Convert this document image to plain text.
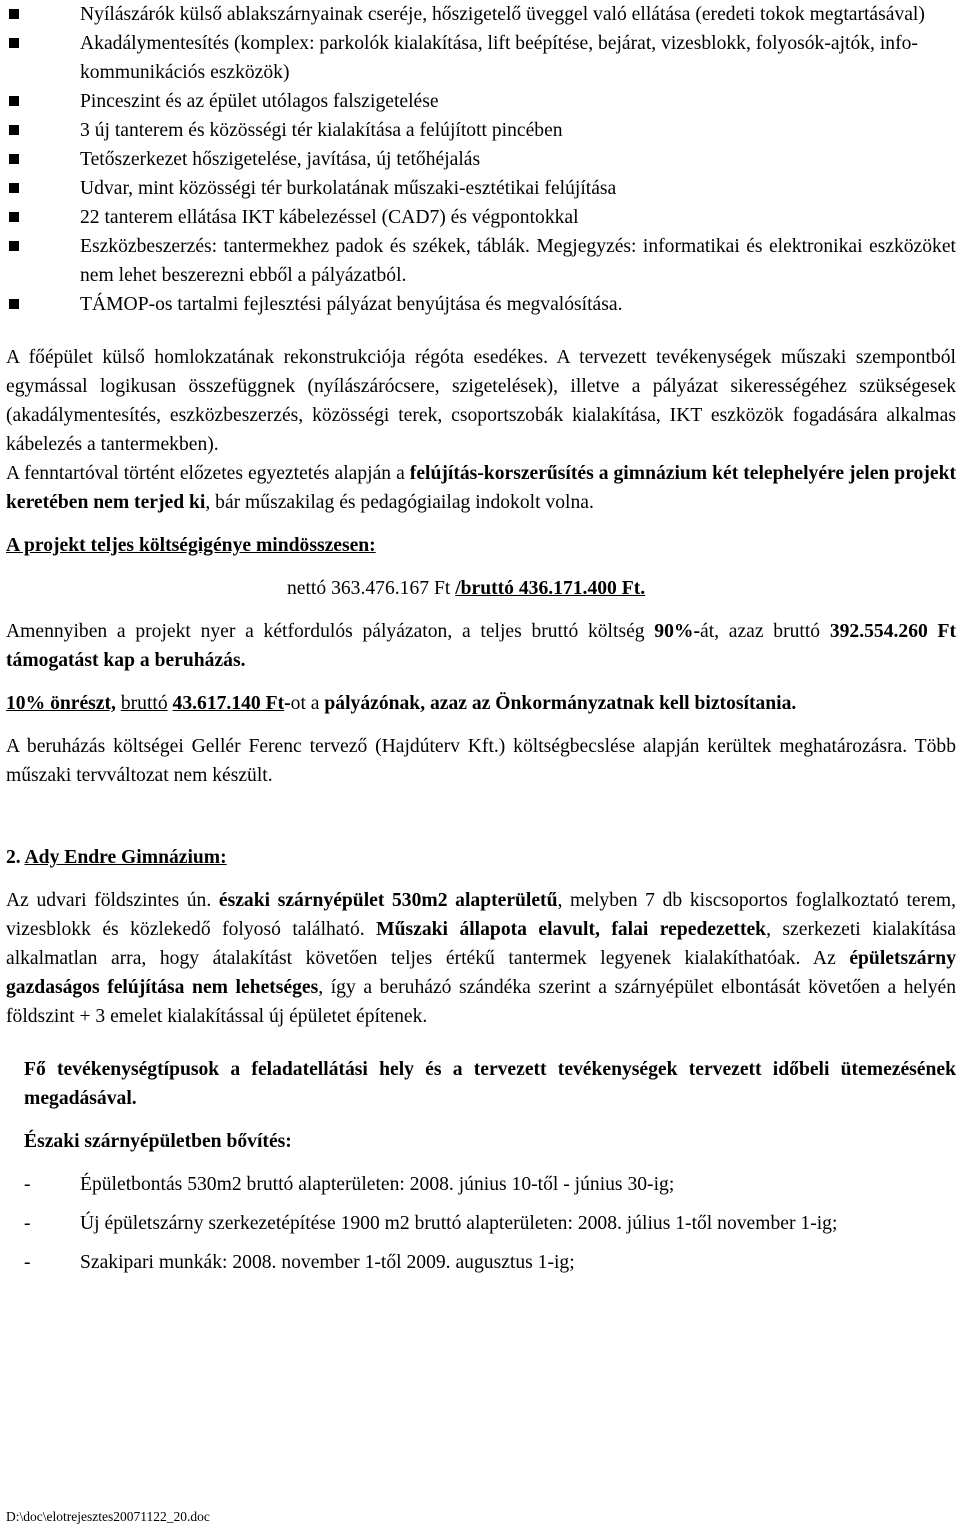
Nyílászárók külső ablakszárnyainak cseréje, hőszigetelő üveggel való ellátása (eredeti tokok megtartásával)
Akadálymentesítés (komplex: parkolók kialakítása, lift beépítése, bejárat, vizesblokk, folyosók-ajtók, info-kommunikációs eszközök)
Pinceszint és az épület utólagos falszigetelése
3 új tanterem és közösségi tér kialakítása a felújított pincében
Tetőszerkezet hőszigetelése, javítása, új tetőhéjalás
Udvar, mint közösségi tér burkolatának műszaki-esztétikai felújítása
22 tanterem ellátása IKT kábelezéssel (CAD7) és végpontokkal
Eszközbeszerzés: tantermekhez padok és székek, táblák. Megjegyzés: informatikai és elektronikai eszközöket nem lehet beszerezni ebből a pályázatból.
TÁMOP-os tartalmi fejlesztési pályázat benyújtása és megvalósítása.

A főépület külső homlokzatának rekonstrukciója régóta esedékes. A tervezett tevékenységek műszaki szempontból egymással logikusan összefüggnek (nyílászárócsere, szigetelések), illetve a pályázat sikerességéhez szükségesek (akadálymentesítés, eszközbeszerzés, közösségi terek, csoportszobák kialakítása, IKT eszközök fogadására alkalmas kábelezés a tantermekben).

A fenntartóval történt előzetes egyeztetés alapján a felújítás-korszerűsítés a gimnázium két telephelyére jelen projekt keretében nem terjed ki, bár műszakilag és pedagógiailag indokolt volna.

A projekt teljes költségigénye mindösszesen:

nettó 363.476.167 Ft /bruttó 436.171.400 Ft.

Amennyiben a projekt nyer a kétfordulós pályázaton, a teljes bruttó költség 90%-át, azaz bruttó 392.554.260 Ft támogatást kap a beruházás.

10% önrészt, bruttó 43.617.140 Ft-ot a pályázónak, azaz az Önkormányzatnak kell biztosítania.

A beruházás költségei Gellér Ferenc tervező (Hajdúterv Kft.) költségbecslése alapján kerültek meghatározásra. Több műszaki tervváltozat nem készült.

2. Ady Endre Gimnázium:

Az udvari földszintes ún. északi szárnyépület 530m2 alapterületű, melyben 7 db kiscsoportos foglalkoztató terem, vizesblokk és közlekedő folyosó található. Műszaki állapota elavult, falai repedezettek, szerkezeti kialakítása alkalmatlan arra, hogy átalakítást követően teljes értékű tantermek legyenek kialakíthatóak. Az épületszárny gazdaságos felújítása nem lehetséges, így a beruházó szándéka szerint a szárnyépület elbontását követően a helyén földszint + 3 emelet kialakítással új épületet építenek.

Fő tevékenységtípusok a feladatellátási hely és a tervezett tevékenységek tervezett időbeli ütemezésének megadásával.

Északi szárnyépületben bővítés:

- Épületbontás 530m2 bruttó alapterületen: 2008. június 10-től - június 30-ig;
- Új épületszárny szerkezetépítése 1900 m2 bruttó alapterületen: 2008. július 1-től november 1-ig;
- Szakipari munkák: 2008. november 1-től 2009. augusztus 1-ig;
D:\doc\elotrejesztes20071122_20.doc
